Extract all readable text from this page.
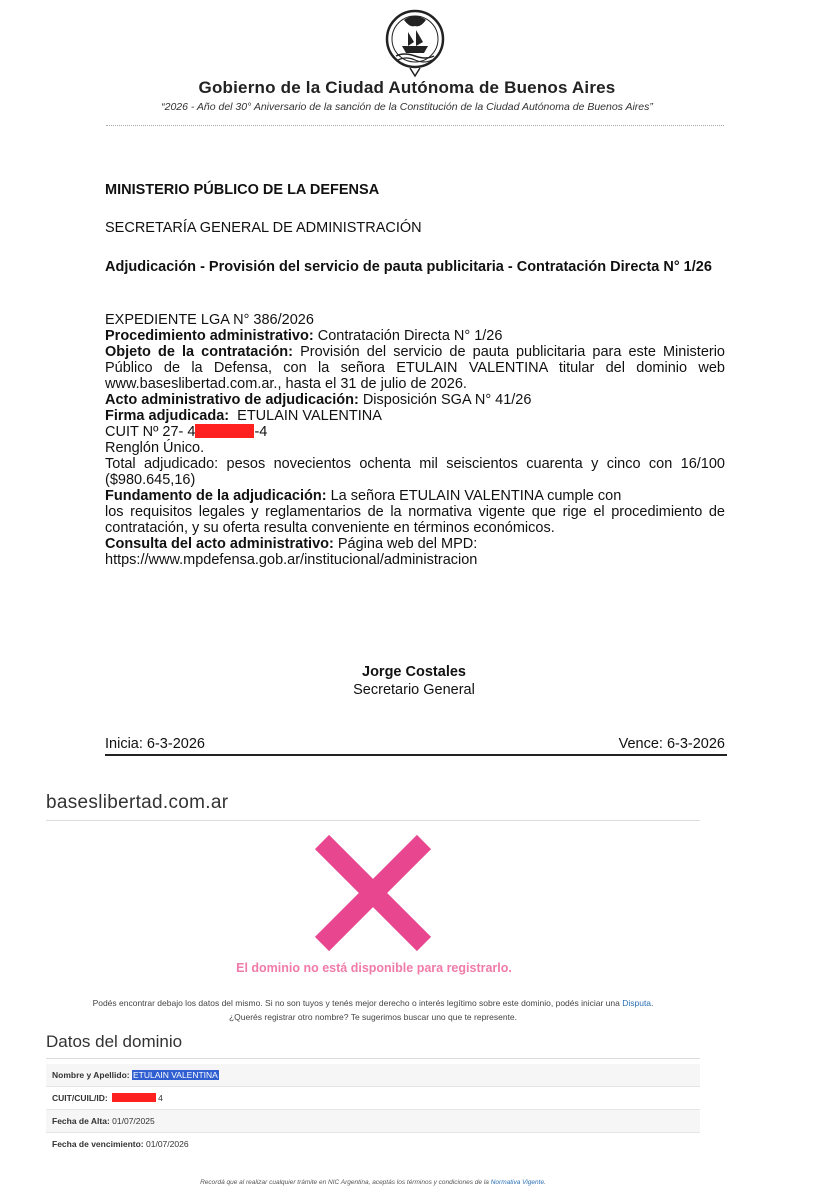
Gobierno de la Ciudad Autónoma de Buenos Aires
“2026 - Año del 30° Aniversario de la sanción de la Constitución de la Ciudad Autónoma de Buenos Aires”
MINISTERIO PÚBLICO DE LA DEFENSA
SECRETARÍA GENERAL DE ADMINISTRACIÓN
Adjudicación - Provisión del servicio de pauta publicitaria - Contratación Directa N° 1/26
EXPEDIENTE LGA N° 386/2026
Procedimiento administrativo: Contratación Directa N° 1/26
Objeto de la contratación: Provisión del servicio de pauta publicitaria para este Ministerio Público de la Defensa, con la señora ETULAIN VALENTINA titular del dominio web www.baseslibertad.com.ar., hasta el 31 de julio de 2026.
Acto administrativo de adjudicación: Disposición SGA N° 41/26
Firma adjudicada:  ETULAIN VALENTINA
CUIT Nº 27- 4	-4
Renglón Único.
Total adjudicado: pesos novecientos ochenta mil seiscientos cuarenta y cinco con 16/100 ($980.645,16)
Fundamento de la adjudicación: La señora ETULAIN VALENTINA cumple con
los requisitos legales y reglamentarios de la normativa vigente que rige el procedimiento de contratación, y su oferta resulta conveniente en términos económicos.
Consulta del acto administrativo: Página web del MPD:
https://www.mpdefensa.gob.ar/institucional/administracion
Jorge Costales
Secretario General
Inicia: 6-3-2026	Vence: 6-3-2026
baseslibertad.com.ar
El dominio no está disponible para registrarlo.
Podés encontrar debajo los datos del mismo. Si no son tuyos y tenés mejor derecho o interés legítimo sobre este dominio, podés iniciar una Disputa.
¿Querés registrar otro nombre? Te sugerimos buscar uno que te represente.
Datos del dominio
Nombre y Apellido: ETULAIN VALENTINA
CUIT/CUIL/ID:	4
Fecha de Alta: 01/07/2025
Fecha de vencimiento: 01/07/2026
Recordá que al realizar cualquier trámite en NIC Argentina, aceptás los términos y condiciones de la Normativa Vigente.
